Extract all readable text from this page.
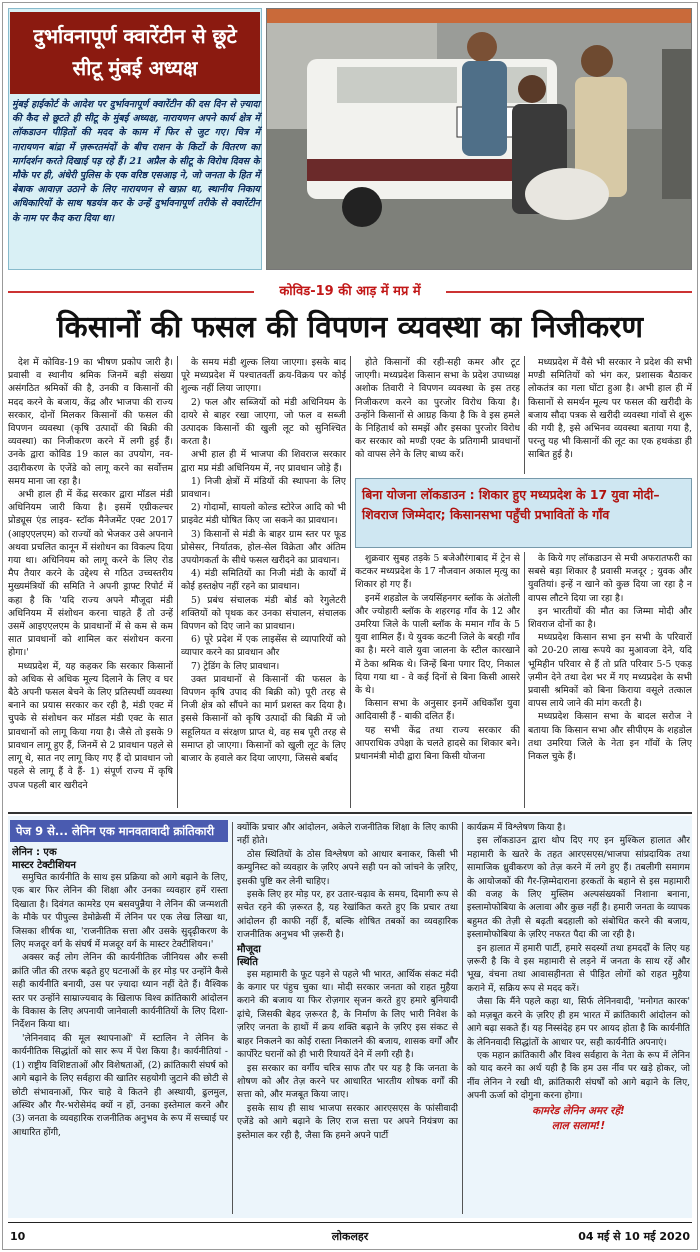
दुर्भावनापूर्ण क्वारेंटीन से छूटे
सीटू मुंबई अध्यक्ष
मुंबई हाईकोर्ट के आदेश पर दुर्भावनापूर्ण क्वारेंटीन की दस दिन से ज़्यादा की कैद से छूटते ही सीटू के मुंबई अध्यक्ष, नारायणन अपने कार्य क्षेत्र में लॉकडाउन पीड़ितों की मदद के काम में फिर से जुट गए। चित्र में नारायणन बांद्रा में ज़रूरतमंदों के बीच राशन के किटों के वितरण का मार्गदर्शन करते दिखाई पड़ रहे हैं। 21 अप्रैल के सीटू के विरोध दिवस के मौके पर ही, अंधेरी पुलिस के एक वरिष्ठ एसआइ ने, जो जनता के हित में बेबाक आवाज़ उठाने के लिए नारायणन से खफ़ा था, स्थानीय निकाय अधिकारियों के साथ षडयंत्र कर के उन्हें दुर्भावनापूर्ण तरीके से क्वारेंटीन के नाम पर कैद करा दिया था।
कोविड-19 की आड़ में मप्र में
किसानों की फसल की विपणन व्यवस्था का निजीकरण

देश में कोविड-19 का भीषण प्रकोप जारी है। प्रवासी व स्थानीय श्रमिक जिनमें बड़ी संख्या असंगठित श्रमिकों की है, उनकी व किसानों की मदद करने के बजाय, केंद्र और भाजपा की राज्य सरकार, दोनों मिलकर किसानों की फसल की विपणन व्यवस्था (कृषि उत्पादों की बिक्री की व्यवस्था) का निजीकरण करने में लगी हुई हैं। उनके द्वारा कोविड 19 काल का उपयोग, नव-उदारीकरण के एजेंडे को लागू करने का सर्वोत्तम समय माना जा रहा है।

अभी हाल ही में केंद्र सरकार द्वारा मॉडल मंडी अधिनियम जारी किया है। इसमें एग्रीकल्चर प्रोड्यूस एंड लाइव- स्टॉक मैनेजमेंट एक्ट 2017 (आइएएलएम) को राज्यों को भेजकर उसे अपनाने अथवा प्रचलित कानून में संशोधन का विकल्प दिया गया था। अधिनियम को लागू करने के लिए रोड मैप तैयार करने के उद्देश्य से गठित उच्चस्तरीय मुख्यमंत्रियों की समिति ने अपनी ड्राफ्ट रिपोर्ट में कहा है कि 'यदि राज्य अपने मौजूदा मंडी अधिनियम में संशोधन करना चाहते हैं तो उन्हें उसमें आइएएलएम के प्रावधानों में से कम से कम सात प्रावधानों को शामिल कर संशोधन करना होगा।'

मध्यप्रदेश में, यह कहकर कि सरकार किसानों को अधिक से अधिक मूल्य दिलाने के लिए व घर बैठे अपनी फसल बेचने के लिए प्रतिस्पर्धी व्यवस्था बनाने का प्रयास सरकार कर रही है, मंडी एक्ट में चुपके से संशोधन कर मॉडल मंडी एक्ट के सात प्रावधानों को लागू किया गया है। जैसे तो इसके 9 प्रावधान लागू हुए हैं, जिनमें से 2 प्रावधान पहले से लागू थे, सात नए लागू किए गए हैं दो प्रावधान जो पहले से लागू हैं वे हैं- 1) संपूर्ण राज्य में कृषि उपज पहली बार खरीदने

के समय मंडी शुल्क लिया जाएगा। इसके बाद पूरे मध्यप्रदेश में पश्चातवर्ती क्रय-विक्रय पर कोई शुल्क नहीं लिया जाएगा।

2) फल और सब्जियों को मंडी अधिनियम के दायरे से बाहर रखा जाएगा, जो फल व सब्जी उत्पादक किसानों की खुली लूट को सुनिश्चित करता है।

अभी हाल ही में भाजपा की शिवराज सरकार द्वारा मप्र मंडी अधिनियम में, नए प्रावधान जोड़े हैं।

1) निजी क्षेत्रों में मंडियों की स्थापना के लिए प्रावधान।

2) गोदामों, सायलो कोल्ड स्टोरेज आदि को भी प्राइवेट मंडी घोषित किए जा सकने का प्रावधान।

3) किसानों से मंडी के बाहर ग्राम स्तर पर फूड प्रोसेसर, निर्यातक, होल-सेल विक्रेता और अंतिम उपयोगकर्ता के सीधे फसल खरीदने का प्रावधान।

4) मंडी समितियों का निजी मंडी के कार्यों में कोई हस्तक्षेप नहीं रहने का प्रावधान।

5) प्रबंध संचालक मंडी बोर्ड को रेगुलेटरी शक्तियों को पृथक कर उनका संचालन, संचालक विपणन को दिए जाने का प्रावधान।

6) पूरे प्रदेश में एक लाइसेंस से व्यापारियों को व्यापार करने का प्रावधान और

7) ट्रेडिंग के लिए प्रावधान।

उक्त प्रावधानों से किसानों की फसल के विपणन कृषि उपाद की बिक्री को) पूरी तरह से निजी क्षेत्र को सौंपने का मार्ग प्रशस्त कर दिया है। इससे किसानों को कृषि उत्पादों की बिक्री में जो सहूलियत व संरक्षण प्राप्त थे, वह सब पूरी तरह से समाप्त हो जाएगा। किसानों को खुली लूट के लिए बाजार के हवाले कर दिया जाएगा, जिससे बर्बाद

होते किसानों की रही-सही कमर और टूट जाएगी। मध्यप्रदेश किसान सभा के प्रदेश उपाध्यक्ष अशोक तिवारी ने विपणन व्यवस्था के इस तरह निजीकरण करने का पुरजोर विरोध किया है। उन्होंने किसानों से आग्रह किया है कि वे इस हमले के निहितार्थ को समझें और इसका पुरजोर विरोध कर सरकार को मण्डी एक्ट के प्रतिगामी प्रावधानों को वापस लेने के लिए बाध्य करें।

मध्यप्रदेश में वैसे भी सरकार ने प्रदेश की सभी मण्डी समितियों को भंग कर, प्रशासक बैठाकर लोकतंत्र का गला घोंटा हुआ है। अभी हाल ही में किसानों से समर्थन मूल्य पर फसल की खरीदी के बजाय सौदा पत्रक से खरीदी व्यवस्था गांवों से शुरू की गयी है, इसे अभिनव व्यवस्था बताया गया है, परन्तु यह भी किसानों की लूट का एक हथकंडा ही साबित हुई है।

बिना योजना लॉकडाउन : शिकार हुए मध्यप्रदेश के 17 युवा मोदी–शिवराज जिम्मेदार; किसानसभा पहुँची प्रभावितों के गाँव

शुक्रवार सुबह तड़के 5 बजेऔरंगाबाद में ट्रेन से कटकर मध्यप्रदेश के 17 नौजवान अकाल मृत्यु का शिकार हो गए हैं।

इनमें शहडोल के जयसिंहनगर ब्लॉक के अंतोली और ज्योहारी ब्लॉक के शहरगढ़ गाँव के 12 और उमरिया जिले के पाली ब्लॉक के ममान गाँव के 5 युवा शामिल हैं। ये युवक कटनी जिले के बरही गाँव का है। मरने वाले युवा जालना के स्टील कारखाने में ठेका श्रमिक थे। जिन्हें बिना पगार दिए, निकाल दिया गया था - वे कई दिनों से बिना किसी आसरे के थे।

किसान सभा के अनुसार इनमें अधिकाँश युवा आदिवासी हैं - बाकी दलित हैं।

यह सभी केंद्र तथा राज्य सरकार की आपराधिक उपेक्षा के चलते हादसे का शिकार बने। प्रधानमंत्री मोदी द्वारा बिना किसी योजना

के किये गए लॉकडाउन से मची अफरातफरी का सबसे बड़ा शिकार है प्रवासी मजदूर ; युवक और युवतियां। इन्हें न खाने को कुछ दिया जा रहा है न वापस लौटने दिया जा रहा है।

इन भारतीयों की मौत का जिम्मा मोदी और शिवराज दोनों का है।

मध्यप्रदेश किसान सभा इन सभी के परिवारों को 20-20 लाख रूपये का मुआवजा देने, यदि भूमिहीन परिवार से हैं तो प्रति परिवार 5-5 एकड़ ज़मीन देने तथा देश भर में गए मध्यप्रदेश के सभी प्रवासी श्रमिकों को बिना किराया वसूले तत्काल वापस लाये जाने की मांग करती है।

मध्यप्रदेश किसान सभा के बादल सरोज ने बताया कि किसान सभा और सीपीएम के शहडोल तथा उमरिया जिले के नेता इन गाँवों के लिए निकल चुके हैं।

पेज 9 से... लेनिन एक मानवतावादी क्रांतिकारी
लेनिन : एक
मास्टर टेक्टीशियन

समुचित कार्यनीति के साथ इस प्रक्रिया को आगे बढ़ाने के लिए, एक बार फिर लेनिन की शिक्षा और उनका व्यवहार हमें रास्ता दिखाता है। दिवंगत कामरेड एम बसवपुन्नैया ने लेनिन की जन्मशती के मौके पर पीपुल्स डेमोक्रेसी में लेनिन पर एक लेख लिखा था, जिसका शीर्षक था, 'राजनीतिक सत्ता और उसके सुदृढ़ीकरण के लिए मजदूर वर्ग के संघर्ष में मजदूर वर्ग के मास्टर टेक्टीशियन।'

अक्सर कई लोग लेनिन की कार्यनीतिक जीनियस और रूसी क्रांति जीत की तरफ बढ़ते हुए घटनाओं के हर मोड़ पर उन्होंने कैसे सही कार्यनीति बनायी, उस पर ज़्यादा ध्यान नहीं देते हैं। वैश्विक स्तर पर उन्होंने साम्राज्यवाद के खिलाफ विश्व क्रांतिकारी आंदोलन के विकास के लिए अपनायी जानेवाली कार्यनीतियों के लिए दिशा-निर्देशन किया था।

'लेनिनवाद की मूल स्थापनाओं' में स्टालिन ने लेनिन के कार्यनीतिक सिद्धांतों को सार रूप में पेश किया है। कार्यनीतियां - (1) राष्ट्रीय विशिष्टताओं और विशेषताओं, (2) क्रांतिकारी संघर्ष को आगे बढ़ाने के लिए सर्वहारा की खातिर सहयोगी जुटाने की छोटी से छोटी संभावनाओं, फिर चाहे वे कितने ही अस्थायी, ढुलमुल, अस्थिर और गैर-भरोसेमंद क्यों न हों, उनका इस्तेमाल करने और (3) जनता के व्यवहारिक राजनीतिक अनुभव के रूप में सच्चाई पर आधारित होंगी,

क्योंकि प्रचार और आंदोलन, अकेले राजनीतिक शिक्षा के लिए काफी नहीं होते।

ठोस स्थितियों के ठोस विश्लेषण को आधार बनाकर, किसी भी कम्युनिस्ट को व्यवहार के ज़रिए अपने सही पन को जांचने के ज़रिए, इसकी पुष्टि कर लेनी चाहिए।

इसके लिए हर मोड़ पर, हर उतार-चढ़ाव के समय, दिमागी रूप से सचेत रहने की ज़रूरत है, यह रेखांकित करते हुए कि प्रचार तथा आंदोलन ही काफी नहीं हैं, बल्कि शोषित तबकों का व्यवहारिक राजनीतिक अनुभव भी ज़रूरी है।

मौजूदा
स्थिति

इस महामारी के फूट पड़ने से पहले भी भारत, आर्थिक संकट मंदी के कगार पर पंहुच चुका था। मोदी सरकार जनता को राहत मुहैया कराने की बजाय या फिर रोज़गार सृजन करते हुए हमारे बुनियादी ढ़ांचे, जिसकी बेहद ज़रूरत है, के निर्माण के लिए भारी निवेश के ज़रिए जनता के हाथों में क्रय शक्ति बढ़ाने के ज़रिए इस संकट से बाहर निकलने का कोई रास्ता निकालने की बजाय, शासक वर्गों और कार्पोरेट घरानों को ही भारी रियायतें देने में लगी रही है।

इस सरकार का वर्गीय चरित्र साफ तौर पर यह है कि जनता के शोषण को और तेज़ करने पर आधारित भारतीय शोषक वर्गों की सत्ता को, और मजबूत किया जाए।

इसके साथ ही साथ भाजपा सरकार आरएसएस के फांसीवादी एजेंडे को आगे बढ़ाने के लिए राज सत्ता पर अपने नियंत्रण का इस्तेमाल कर रही है, जैसा कि हमने अपने पार्टी

कार्यक्रम में विश्लेषण किया है।

इस लॉकडाउन द्वारा थोप दिए गए इन मुश्किल हालात और महामारी के खतरे के तहत आरएसएस/भाजपा सांप्रदायिक तथा सामाजिक ध्रुवीकरण को तेज़ करने में लगे हुए हैं। तबलीगी समागम के आयोजकों की गैर-ज़िम्मेदाराना हरकतों के बहाने से इस महामारी की वजह के लिए मुस्लिम अल्पसंख्यकों निशाना बनाना, इस्लामोफोबिया के अलावा और कुछ नहीं है। हमारी जनता के व्यापक बहुमत की तेज़ी से बढ़ती बदहाली को संबोधित करने की बजाय, इस्लामोफोबिया के ज़रिए नफरत पैदा की जा रही है।

इन हालात में हमारी पार्टी, हमारे सदस्यों तथा हमदर्दों के लिए यह ज़रूरी है कि वे इस महामारी से लड़ने में जनता के साथ रहें और भूख, वंचना तथा आवासहीनता से पीड़ित लोगों को राहत मुहैया कराने में, सक्रिय रूप से मदद करें।

जैसा कि मैंने पहले कहा था, सिर्फ लेनिनवादी, 'मनोगत कारक' को मज़बूत करने के ज़रिए ही हम भारत में क्रांतिकारी आंदोलन को आगे बढ़ा सकते हैं। यह निस्संदेह हम पर आयद होता है कि कार्यनीति के लेनिनवादी सिद्धांतों के आधार पर, सही कार्यनीति अपनाएं।

एक महान क्रांतिकारी और विश्व सर्वहारा के नेता के रूप में लेनिन को याद करने का अर्थ यही है कि हम उस नींव पर खड़े होकर, जो नींव लेनिन ने रखी थी, क्रांतिकारी संघर्षों को आगे बढ़ाने के लिए, अपनी ऊर्जा को दोगुना करना होगा।

कामरेड लेनिन अमर रहें!
लाल सलाम!!
10	लोकलहर	04 मई से 10 मई 2020
